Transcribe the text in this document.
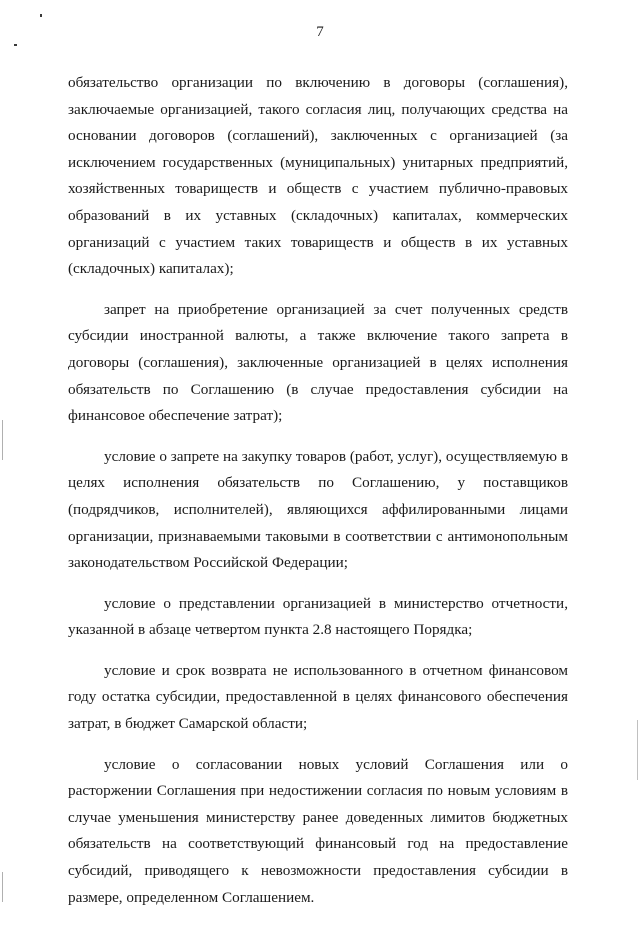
7

обязательство организации по включению в договоры (соглашения), заключаемые организацией, такого согласия лиц, получающих средства на основании договоров (соглашений), заключенных с организацией (за исключением государственных (муниципальных) унитарных предприятий, хозяйственных товариществ и обществ с участием публично-правовых образований в их уставных (складочных) капиталах, коммерческих организаций с участием таких товариществ и обществ в их уставных (складочных) капиталах);

запрет на приобретение организацией за счет полученных средств субсидии иностранной валюты, а также включение такого запрета в договоры (соглашения), заключенные организацией в целях исполнения обязательств по Соглашению (в случае предоставления субсидии на финансовое обеспечение затрат);

условие о запрете на закупку товаров (работ, услуг), осуществляемую в целях исполнения обязательств по Соглашению, у поставщиков (подрядчиков, исполнителей), являющихся аффилированными лицами организации, признаваемыми таковыми в соответствии с антимонопольным законодательством Российской Федерации;

условие о представлении организацией в министерство отчетности, указанной в абзаце четвертом пункта 2.8 настоящего Порядка;

условие и срок возврата не использованного в отчетном финансовом году остатка субсидии, предоставленной в целях финансового обеспечения затрат, в бюджет Самарской области;

условие о согласовании новых условий Соглашения или о расторжении Соглашения при недостижении согласия по новым условиям в случае уменьшения министерству ранее доведенных лимитов бюджетных обязательств на соответствующий финансовый год на предоставление субсидий, приводящего к невозможности предоставления субсидии в размере, определенном Соглашением.
